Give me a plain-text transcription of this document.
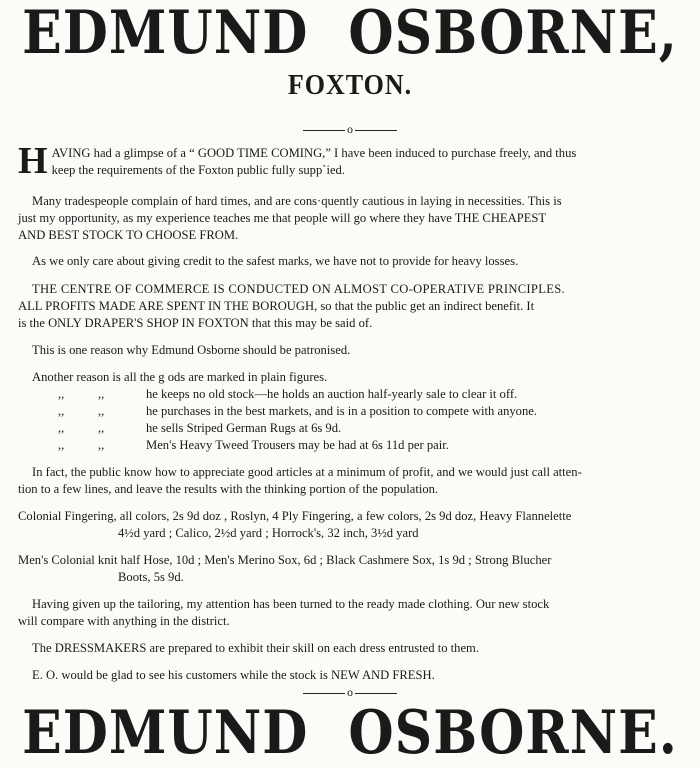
EDMUND OSBORNE,
FOXTON.
o

HAVING had a glimpse of a “ GOOD TIME COMING,” I have been induced to purchase freely, and thus
keep the requirements of the Foxton public fully supp`ied.

Many tradespeople complain of hard times, and are cons·quently cautious in laying in necessities. This is

just my opportunity, as my experience teaches me that people will go where they have THE CHEAPEST

AND BEST STOCK TO CHOOSE FROM.

As we only care about giving credit to the safest marks, we have not to provide for heavy losses.

THE CENTRE OF COMMERCE IS CONDUCTED ON ALMOST CO-OPERATIVE PRINCIPLES.

ALL PROFITS MADE ARE SPENT IN THE BOROUGH, so that the public get an indirect benefit. It

is the ONLY DRAPER'S SHOP IN FOXTON that this may be said of.

This is one reason why Edmund Osborne should be patronised.

Another reason is all the g ods are marked in plain figures.

,,	,,	he keeps no old stock—he holds an auction half-yearly sale to clear it off.
,,	,,	he purchases in the best markets, and is in a position to compete with anyone.
,,	,,	he sells Striped German Rugs at 6s 9d.
,,	,,	Men's Heavy Tweed Trousers may be had at 6s 11d per pair.

In fact, the public know how to appreciate good articles at a minimum of profit, and we would just call atten-

tion to a few lines, and leave the results with the thinking portion of the population.

Colonial Fingering, all colors, 2s 9d doz , Roslyn, 4 Ply Fingering, a few colors, 2s 9d doz, Heavy Flannelette

4½d yard ; Calico, 2½d yard ; Horrock's, 32 inch, 3½d yard

Men's Colonial knit half Hose, 10d ; Men's Merino Sox, 6d ; Black Cashmere Sox, 1s 9d ; Strong Blucher

Boots, 5s 9d.

Having given up the tailoring, my attention has been turned to the ready made clothing. Our new stock

will compare with anything in the district.

The DRESSMAKERS are prepared to exhibit their skill on each dress entrusted to them.

E. O. would be glad to see his customers while the stock is NEW AND FRESH.

o
EDMUND OSBORNE.
